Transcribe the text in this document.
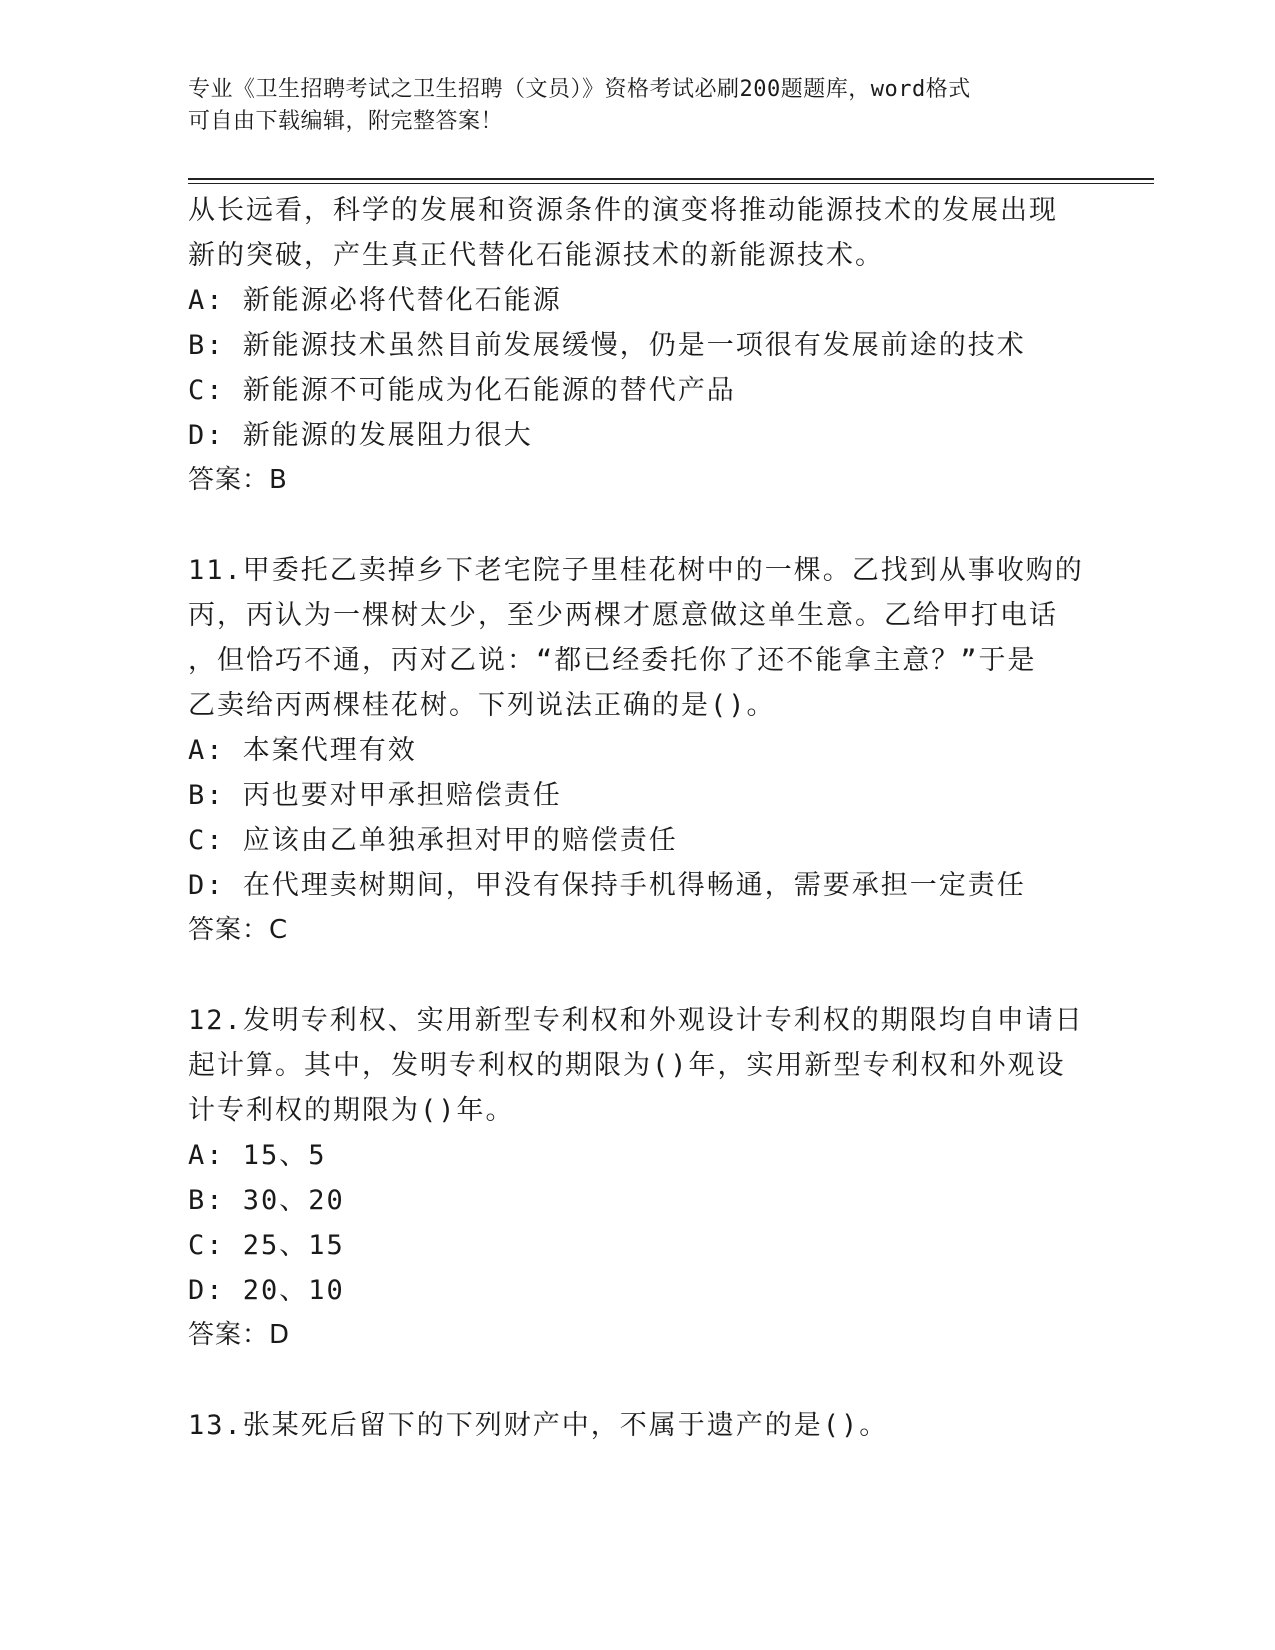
专业《卫生招聘考试之卫生招聘（文员）》资格考试必刷200题题库，word格式
可自由下载编辑，附完整答案！
从长远看，科学的发展和资源条件的演变将推动能源技术的发展出现
新的突破，产生真正代替化石能源技术的新能源技术。
A: 新能源必将代替化石能源
B: 新能源技术虽然目前发展缓慢，仍是一项很有发展前途的技术
C: 新能源不可能成为化石能源的替代产品
D: 新能源的发展阻力很大
答案：B
11.甲委托乙卖掉乡下老宅院子里桂花树中的一棵。乙找到从事收购的
丙，丙认为一棵树太少，至少两棵才愿意做这单生意。乙给甲打电话
，但恰巧不通，丙对乙说：“都已经委托你了还不能拿主意？”于是
乙卖给丙两棵桂花树。下列说法正确的是()。
A: 本案代理有效
B: 丙也要对甲承担赔偿责任
C: 应该由乙单独承担对甲的赔偿责任
D: 在代理卖树期间，甲没有保持手机得畅通，需要承担一定责任
答案：C
12.发明专利权、实用新型专利权和外观设计专利权的期限均自申请日
起计算。其中，发明专利权的期限为()年，实用新型专利权和外观设
计专利权的期限为()年。
A: 15、5
B: 30、20
C: 25、15
D: 20、10
答案：D
13.张某死后留下的下列财产中，不属于遗产的是()。
